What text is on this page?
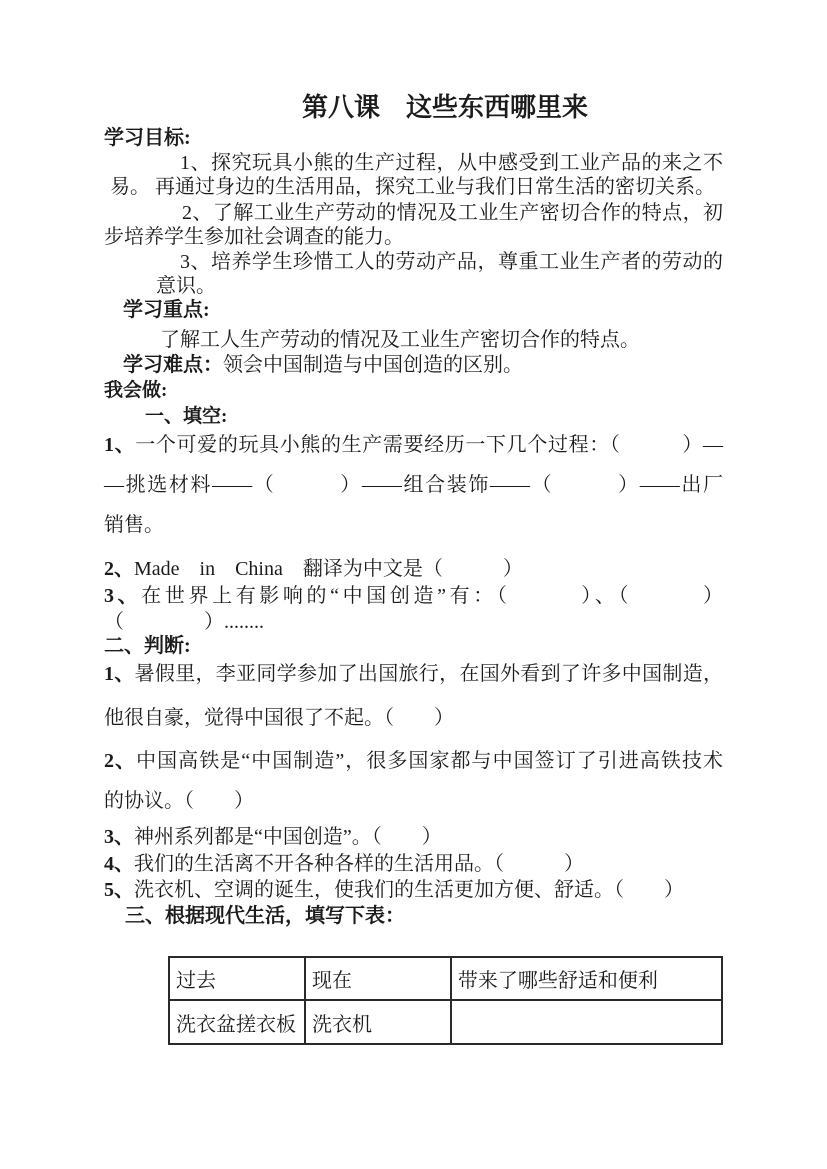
第八课　这些东西哪里来
学习目标:
1、探究玩具小熊的生产过程，从中感受到工业产品的来之不
易。 再通过身边的生活用品，探究工业与我们日常生活的密切关系。
2、了解工业生产劳动的情况及工业生产密切合作的特点，初
步培养学生参加社会调查的能力。
3、培养学生珍惜工人的劳动产品，尊重工业生产者的劳动的
意识。
学习重点:
了解工人生产劳动的情况及工业生产密切合作的特点。
学习难点：领会中国制造与中国创造的区别。
我会做:
一、填空:
1、一个可爱的玩具小熊的生产需要经历一下几个过程：（　　　）—
—挑选材料——（　　　）——组合装饰——（　　　）——出厂
销售。
2、Made　in　China　翻译为中文是（　　　）
3、在世界上有影响的“中国创造”有：（　　　）、（　　　）
（　　　　）........
二、判断:
1、暑假里，李亚同学参加了出国旅行，在国外看到了许多中国制造，
他很自豪，觉得中国很了不起。（　　）
2、中国高铁是“中国制造”，很多国家都与中国签订了引进高铁技术
的协议。（　　）
3、神州系列都是“中国创造”。（　　）
4、我们的生活离不开各种各样的生活用品。（　　　）
5、洗衣机、空调的诞生，使我们的生活更加方便、舒适。（　　）
三、根据现代生活，填写下表：
过去	现在	带来了哪些舒适和便利
洗衣盆搓衣板	洗衣机	
